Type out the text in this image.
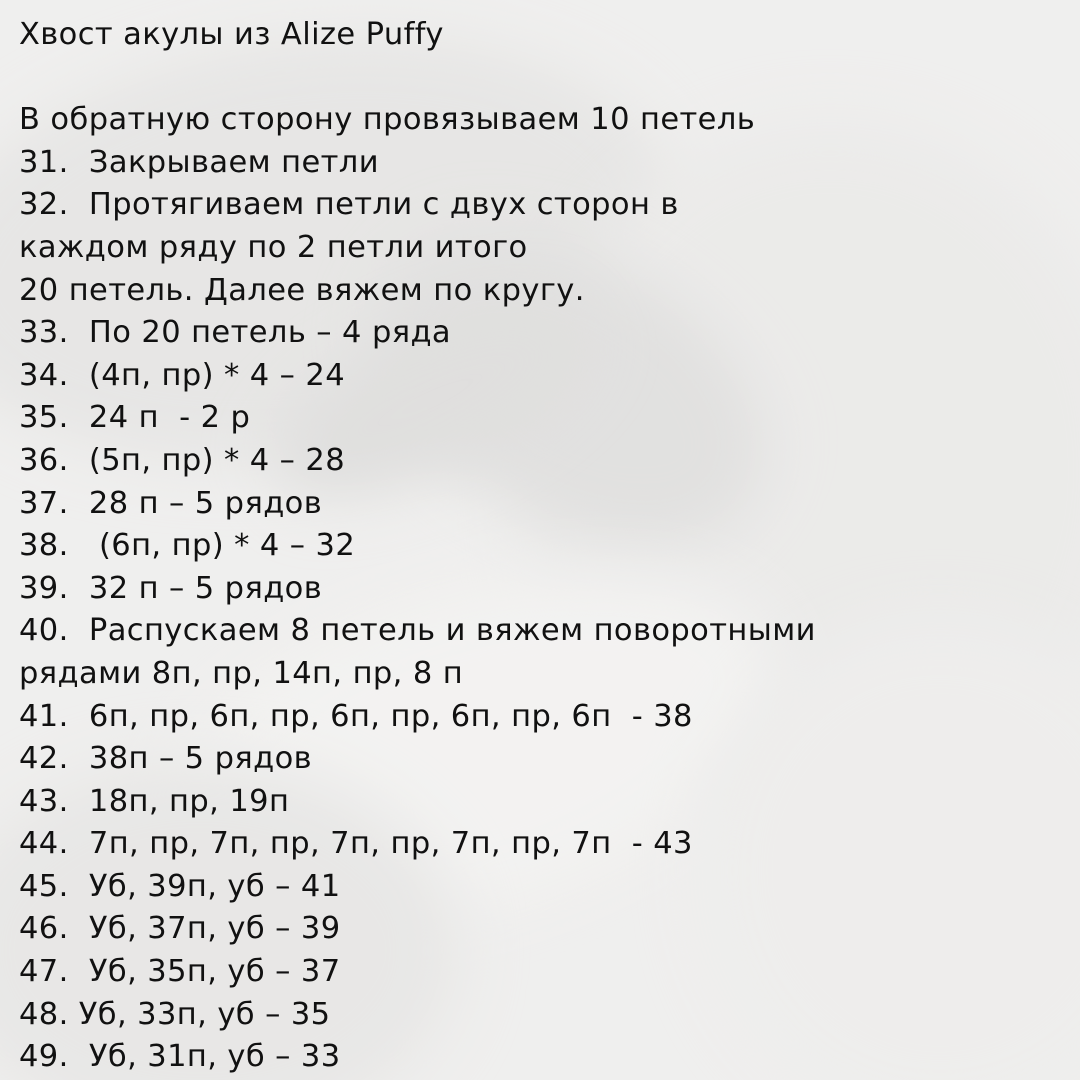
Хвост акулы из Alize Puffy
В обратную сторону провязываем 10 петель
31.  Закрываем петли
32.  Протягиваем петли с двух сторон в
каждом ряду по 2 петли итого
20 петель. Далее вяжем по кругу.
33.  По 20 петель – 4 ряда
34.  (4п, пр) * 4 – 24
35.  24 п  - 2 р
36.  (5п, пр) * 4 – 28
37.  28 п – 5 рядов
38.   (6п, пр) * 4 – 32
39.  32 п – 5 рядов
40.  Распускаем 8 петель и вяжем поворотными
рядами 8п, пр, 14п, пр, 8 п
41.  6п, пр, 6п, пр, 6п, пр, 6п, пр, 6п  - 38
42.  38п – 5 рядов
43.  18п, пр, 19п
44.  7п, пр, 7п, пр, 7п, пр, 7п, пр, 7п  - 43
45.  Уб, 39п, уб – 41
46.  Уб, 37п, уб – 39
47.  Уб, 35п, уб – 37
48. Уб, 33п, уб – 35
49.  Уб, 31п, уб – 33
